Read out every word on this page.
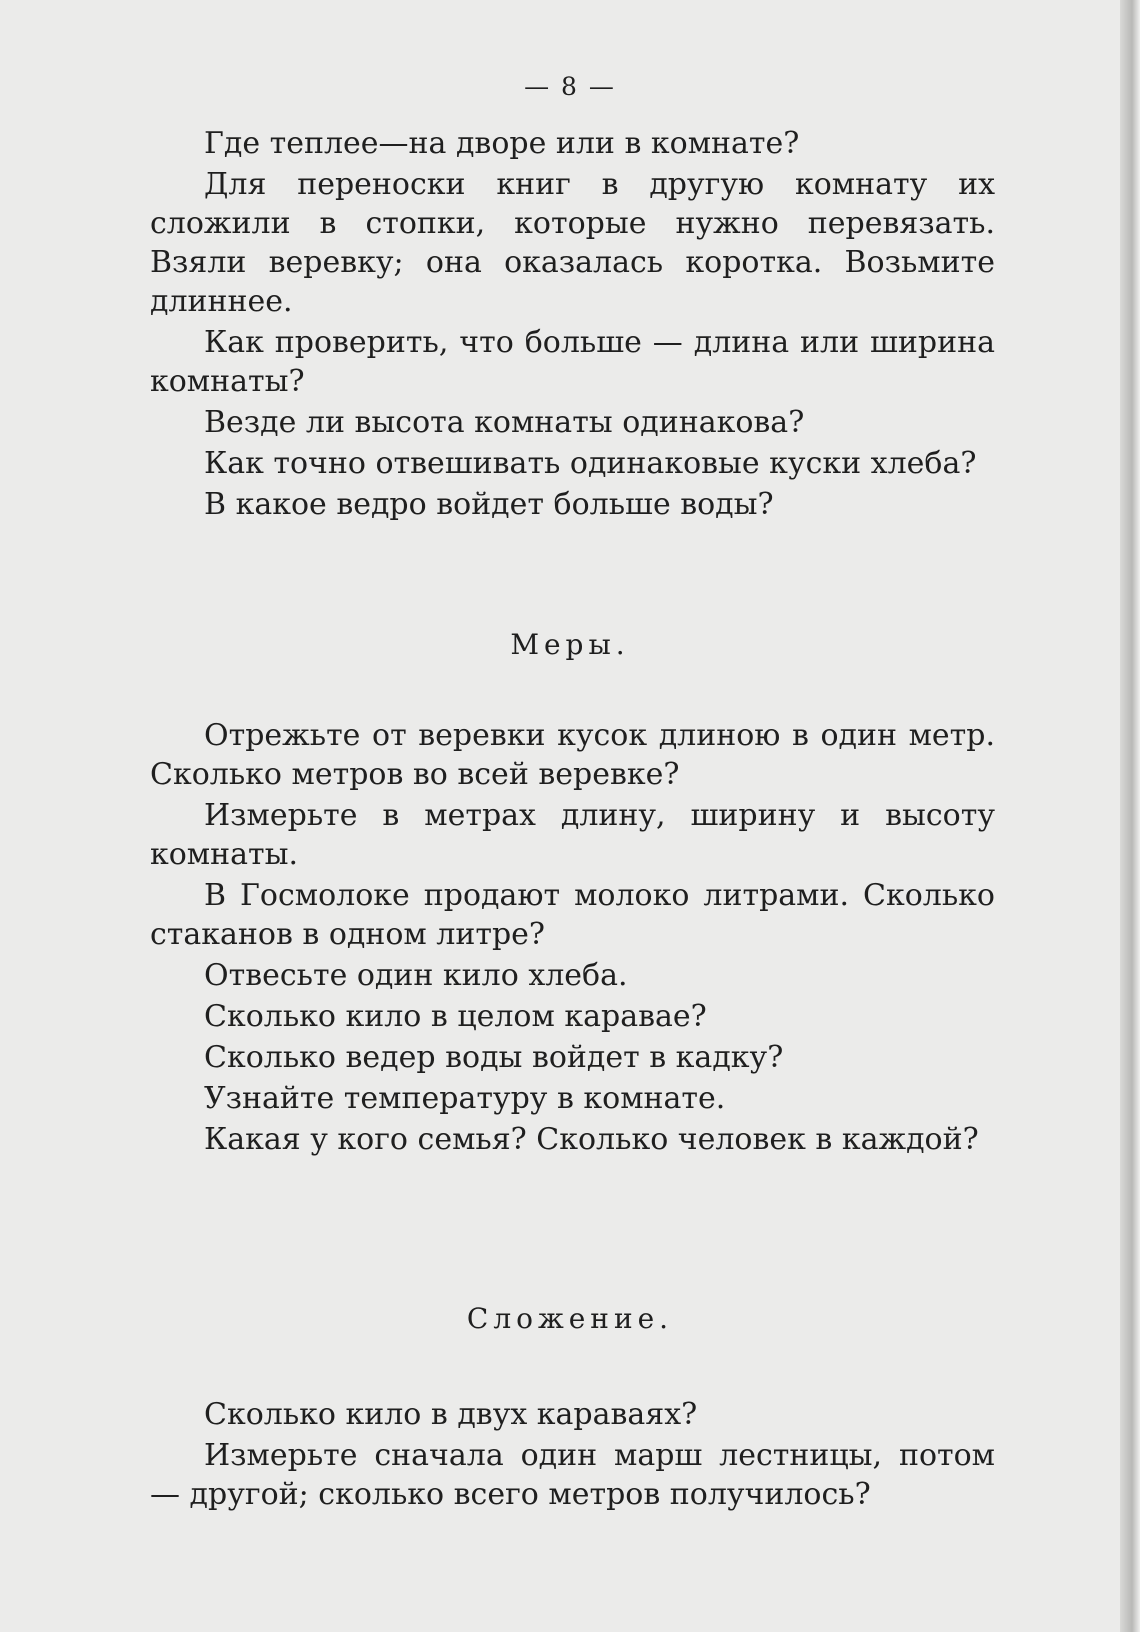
— 8 —

Где теплее—на дворе или в комнате?

Для переноски книг в другую комнату их сложили в стопки, которые нужно перевязать. Взяли веревку; она оказалась коротка. Возьмите длиннее.

Как проверить, что больше — длина или ширина комнаты?

Везде ли высота комнаты одинакова?

Как точно отвешивать одинаковые куски хлеба?

В какое ведро войдет больше воды?

Меры.

Отрежьте от веревки кусок длиною в один метр. Сколько метров во всей веревке?

Измерьте в метрах длину, ширину и высоту комнаты.

В Госмолоке продают молоко литрами. Сколько стаканов в одном литре?

Отвесьте один кило хлеба.

Сколько кило в целом каравае?

Сколько ведер воды войдет в кадку?

Узнайте температуру в комнате.

Какая у кого семья? Сколько человек в каждой?

Сложение.

Сколько кило в двух караваях?

Измерьте сначала один марш лестницы, потом — другой; сколько всего метров получилось?
